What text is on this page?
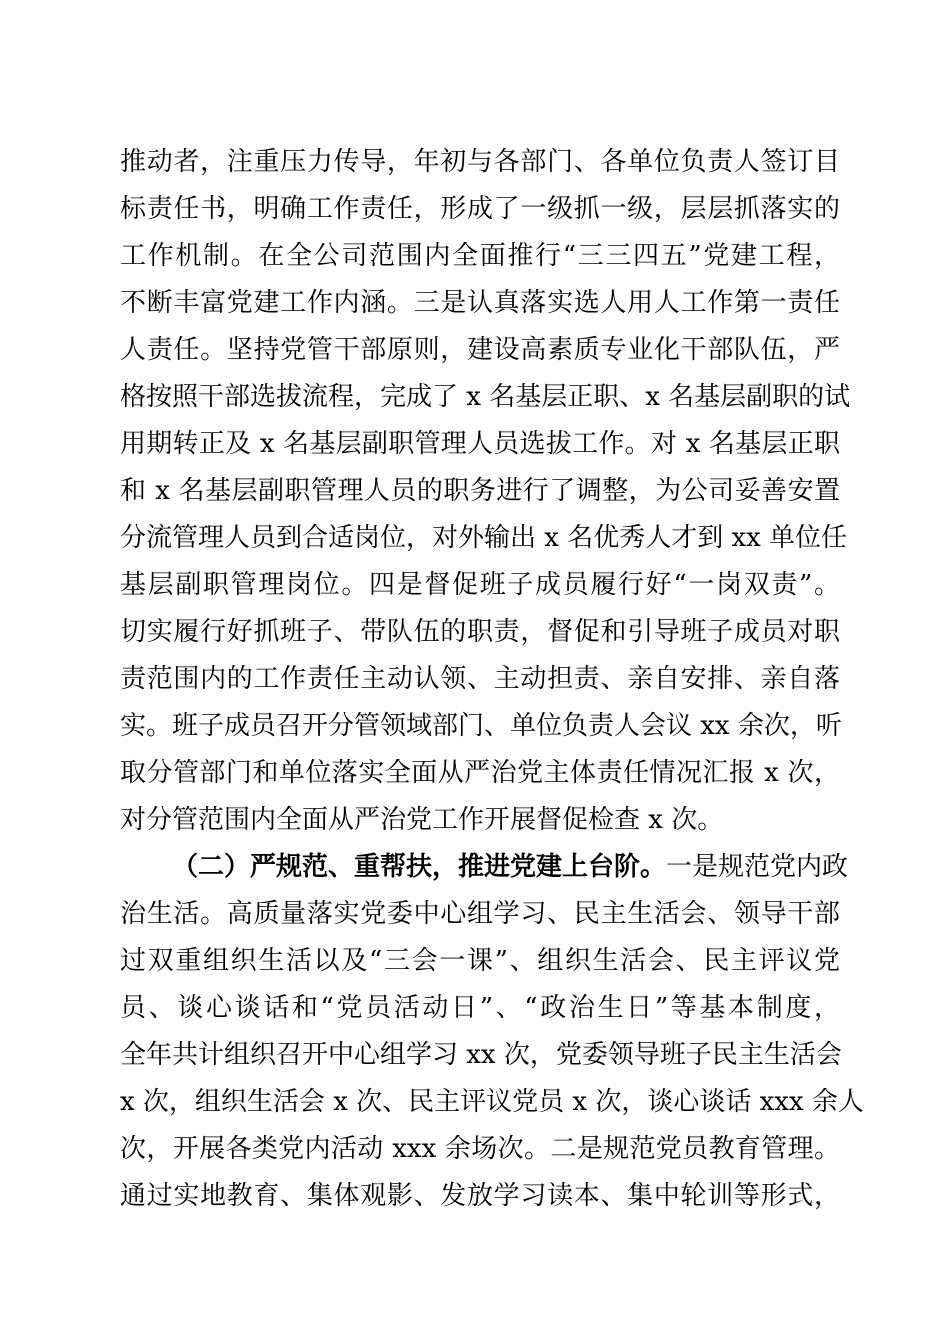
推动者，注重压力传导，年初与各部门、各单位负责人签订目
标责任书，明确工作责任，形成了一级抓一级，层层抓落实的
工作机制。在全公司范围内全面推行“三三四五”党建工程，
不断丰富党建工作内涵。三是认真落实选人用人工作第一责任
人责任。坚持党管干部原则，建设高素质专业化干部队伍，严
格按照干部选拔流程，完成了 x 名基层正职、x 名基层副职的试
用期转正及 x 名基层副职管理人员选拔工作。对 x 名基层正职
和 x 名基层副职管理人员的职务进行了调整，为公司妥善安置
分流管理人员到合适岗位，对外输出 x 名优秀人才到 xx 单位任
基层副职管理岗位。四是督促班子成员履行好“一岗双责”。
切实履行好抓班子、带队伍的职责，督促和引导班子成员对职
责范围内的工作责任主动认领、主动担责、亲自安排、亲自落
实。班子成员召开分管领域部门、单位负责人会议 xx 余次，听
取分管部门和单位落实全面从严治党主体责任情况汇报 x 次，
对分管范围内全面从严治党工作开展督促检查 x 次。
（二）严规范、重帮扶，推进党建上台阶。一是规范党内政
治生活。高质量落实党委中心组学习、民主生活会、领导干部
过双重组织生活以及“三会一课”、组织生活会、民主评议党
员、谈心谈话和“党员活动日”、“政治生日”等基本制度，
全年共计组织召开中心组学习 xx 次，党委领导班子民主生活会
x 次，组织生活会 x 次、民主评议党员 x 次，谈心谈话 xxx 余人
次，开展各类党内活动 xxx 余场次。二是规范党员教育管理。
通过实地教育、集体观影、发放学习读本、集中轮训等形式，
